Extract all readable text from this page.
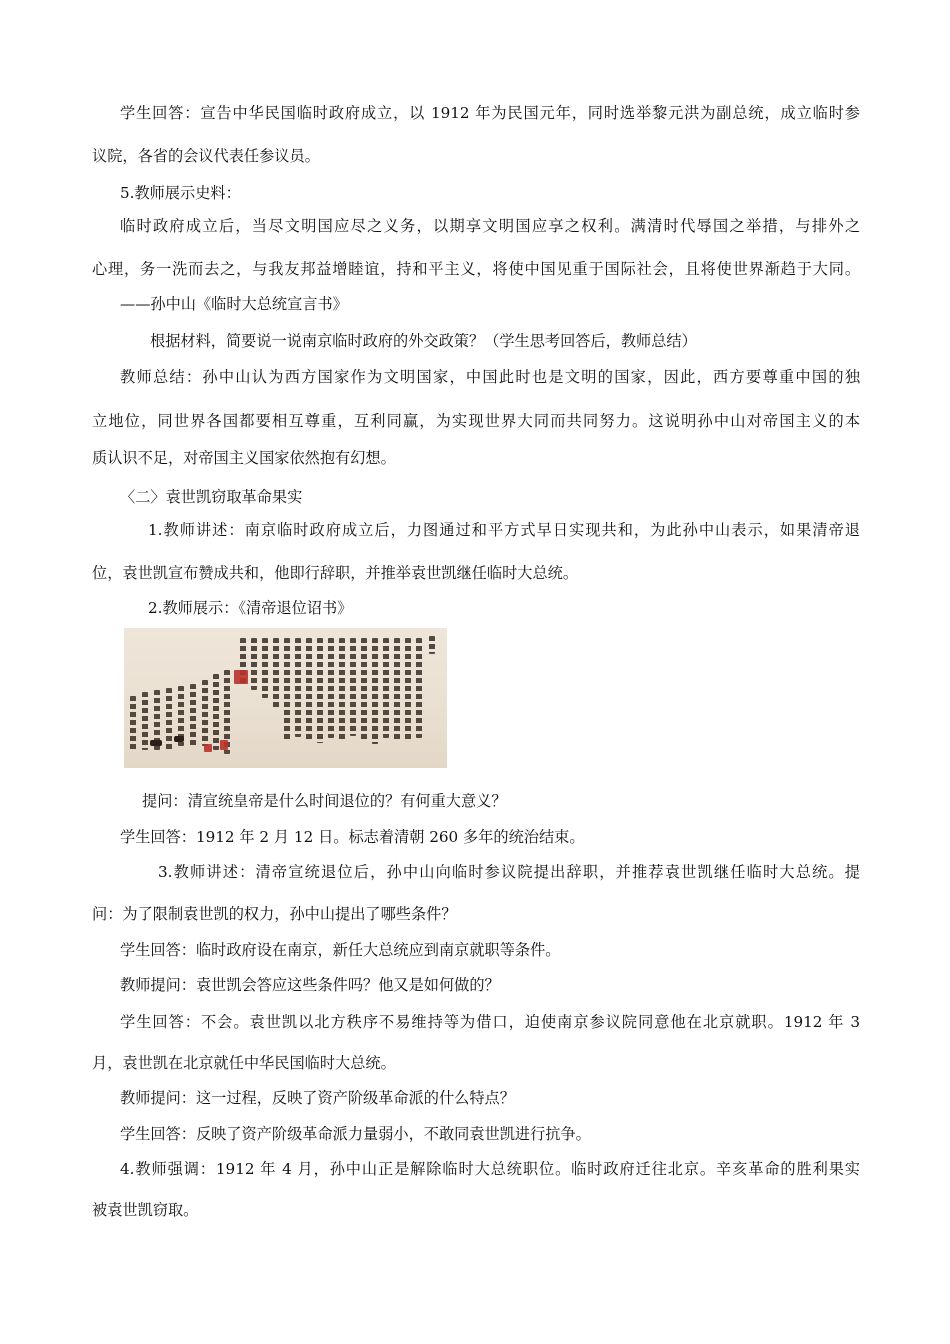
学生回答：宣告中华民国临时政府成立，以 1912 年为民国元年，同时选举黎元洪为副总统，成立临时参

议院，各省的会议代表任参议员。

5.教师展示史料：

临时政府成立后，当尽文明国应尽之义务，以期享文明国应享之权利。满清时代辱国之举措，与排外之

心理，务一洗而去之，与我友邦益增睦谊，持和平主义，将使中国见重于国际社会，且将使世界渐趋于大同。

——孙中山《临时大总统宣言书》

根据材料，简要说一说南京临时政府的外交政策？（学生思考回答后，教师总结）

教师总结：孙中山认为西方国家作为文明国家，中国此时也是文明的国家，因此，西方要尊重中国的独

立地位，同世界各国都要相互尊重，互利同赢，为实现世界大同而共同努力。这说明孙中山对帝国主义的本

质认识不足，对帝国主义国家依然抱有幻想。

〈二〉袁世凯窃取革命果实

1.教师讲述：南京临时政府成立后，力图通过和平方式早日实现共和，为此孙中山表示，如果清帝退

位，袁世凯宣布赞成共和，他即行辞职，并推举袁世凯继任临时大总统。

2.教师展示：《清帝退位诏书》

提问：清宣统皇帝是什么时间退位的？有何重大意义？

学生回答：1912 年 2 月 12 日。标志着清朝 260 多年的统治结束。

3.教师讲述：清帝宣统退位后，孙中山向临时参议院提出辞职，并推荐袁世凯继任临时大总统。提

问：为了限制袁世凯的权力，孙中山提出了哪些条件？

学生回答：临时政府设在南京，新任大总统应到南京就职等条件。

教师提问：袁世凯会答应这些条件吗？他又是如何做的？

学生回答：不会。袁世凯以北方秩序不易维持等为借口，迫使南京参议院同意他在北京就职。1912 年 3

月，袁世凯在北京就任中华民国临时大总统。

教师提问：这一过程，反映了资产阶级革命派的什么特点？

学生回答：反映了资产阶级革命派力量弱小，不敢同袁世凯进行抗争。

4.教师强调：1912 年 4 月，孙中山正是解除临时大总统职位。临时政府迁往北京。辛亥革命的胜利果实

被袁世凯窃取。
